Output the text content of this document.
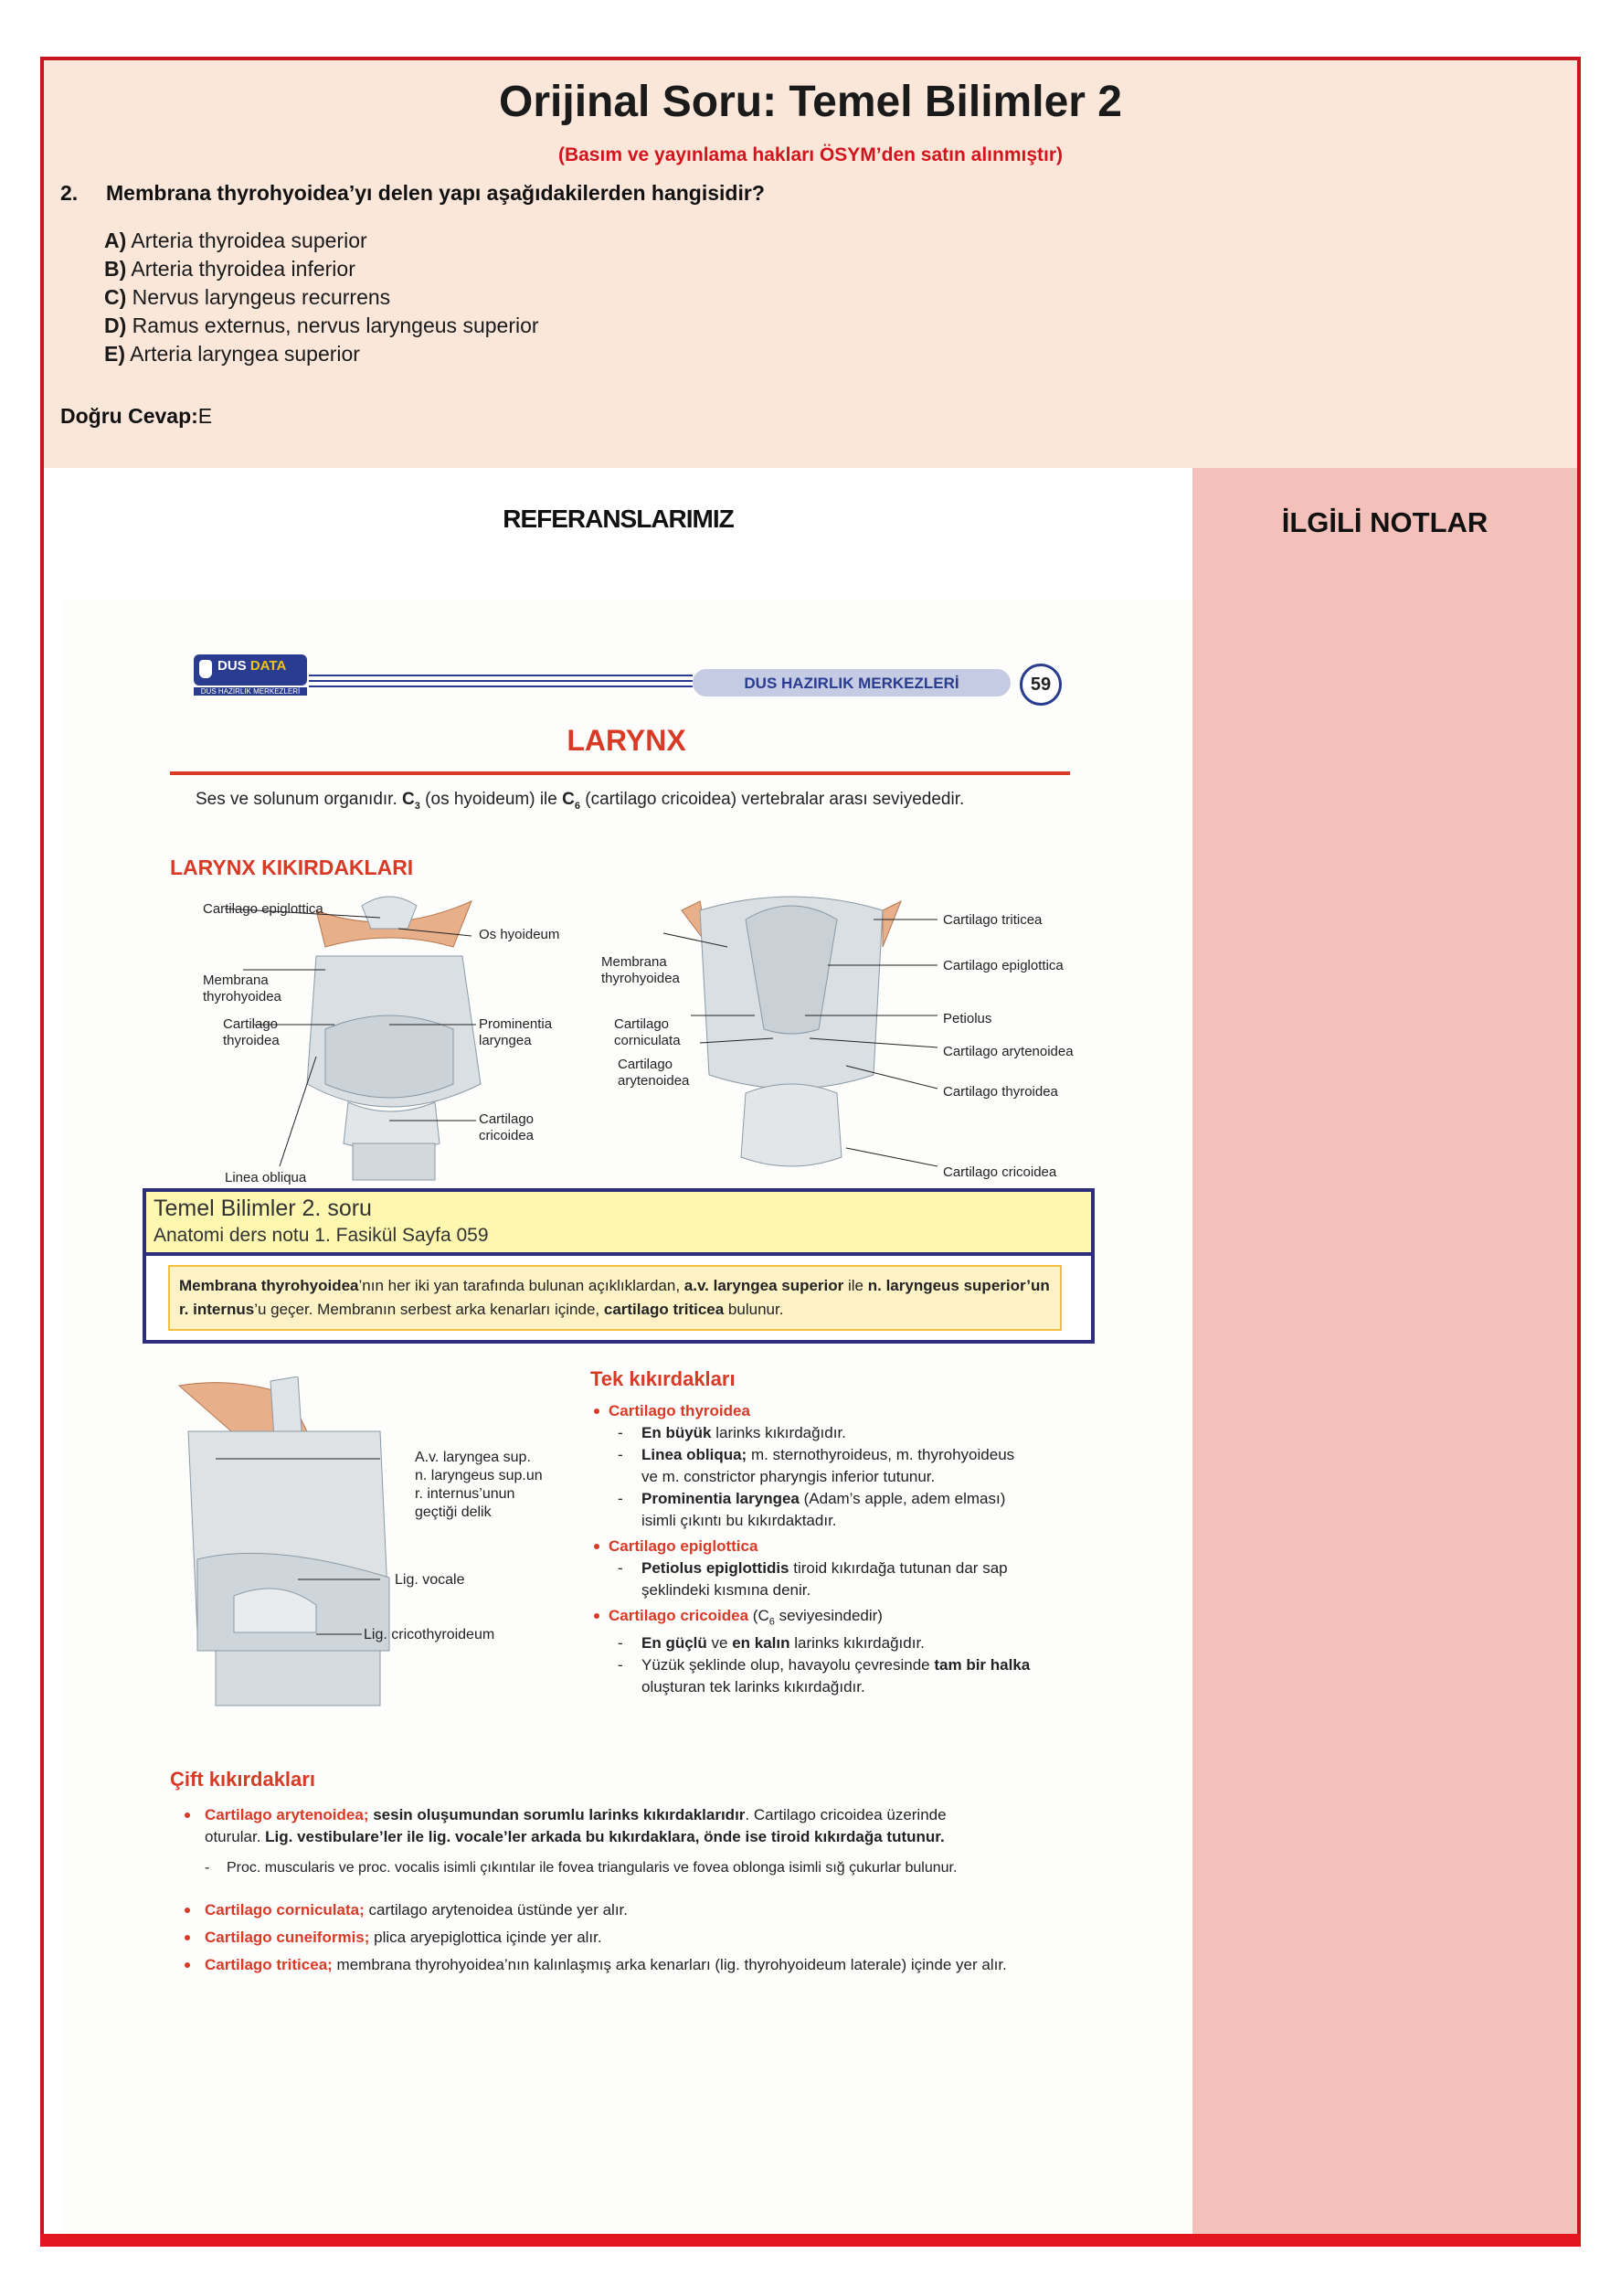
Orijinal Soru: Temel Bilimler 2
(Basım ve yayınlama hakları ÖSYM’den satın alınmıştır)
2. Membrana thyrohyoidea’yı delen yapı aşağıdakilerden hangisidir?
A) Arteria thyroidea superior
B) Arteria thyroidea inferior
C) Nervus laryngeus recurrens
D) Ramus externus, nervus laryngeus superior
E) Arteria laryngea superior
Doğru Cevap:E
REFERANSLARIMIZ
DUS DATA
DUS HAZIRLIK MERKEZLERİ	DUS HAZIRLIK MERKEZLERİ	59
LARYNX
Ses ve solunum organıdır. $C_3$ (os hyoideum) ile $C_6$ (cartilago cricoidea) vertebralar arası seviyededir.
LARYNX KIKIRDAKLARI
Cartilago epiglottica
Os hyoideum
Membrana thyrohyoidea
Cartilago thyroidea
Prominentia laryngea
Cartilago cricoidea
Linea obliqua
Membrana thyrohyoidea
Cartilago triticea
Cartilago epiglottica
Cartilago corniculata
Petiolus
Cartilago arytenoidea
Cartilago arytenoidea
Cartilago thyroidea
Cartilago cricoidea
Temel Bilimler 2. soru
Anatomi ders notu 1. Fasikül Sayfa 059
Membrana thyrohyoidea’nın her iki yan tarafında bulunan açıklıklardan, a.v. laryngea superior ile n. laryngeus superior’un r. internus’u geçer. Membranın serbest arka kenarları içinde, cartilago triticea bulunur.
A.v. laryngea sup.
n. laryngeus sup.un
r. internus’unun
geçtiği delik
Lig. vocale
Lig. cricothyroideum
Tek kıkırdakları
Cartilago thyroidea
- En büyük larinks kıkırdağıdır.
- Linea obliqua; m. sternothyroideus, m. thyrohyoideus
ve m. constrictor pharyngis inferior tutunur.
- Prominentia laryngea (Adam’s apple, adem elması)
isimli çıkıntı bu kıkırdaktadır.
Cartilago epiglottica
- Petiolus epiglottidis tiroid kıkırdağa tutunan dar sap
şeklindeki kısmına denir.
Cartilago cricoidea ($C_6$ seviyesindedir)
- En güçlü ve en kalın larinks kıkırdağıdır.
- Yüzük şeklinde olup, havayolu çevresinde tam bir halka
oluşturan tek larinks kıkırdağıdır.
Çift kıkırdakları
Cartilago arytenoidea; sesin oluşumundan sorumlu larinks kıkırdaklarıdır. Cartilago cricoidea üzerinde
oturular. Lig. vestibulare’ler ile lig. vocale’ler arkada bu kıkırdaklara, önde ise tiroid kıkırdağa tutunur.
- Proc. muscularis ve proc. vocalis isimli çıkıntılar ile fovea triangularis ve fovea oblonga isimli sığ çukurlar bulunur.
Cartilago corniculata; cartilago arytenoidea üstünde yer alır.
Cartilago cuneiformis; plica aryepiglottica içinde yer alır.
Cartilago triticea; membrana thyrohyoidea’nın kalınlaşmış arka kenarları (lig. thyrohyoideum laterale) içinde yer alır.
İLGİLİ NOTLAR
